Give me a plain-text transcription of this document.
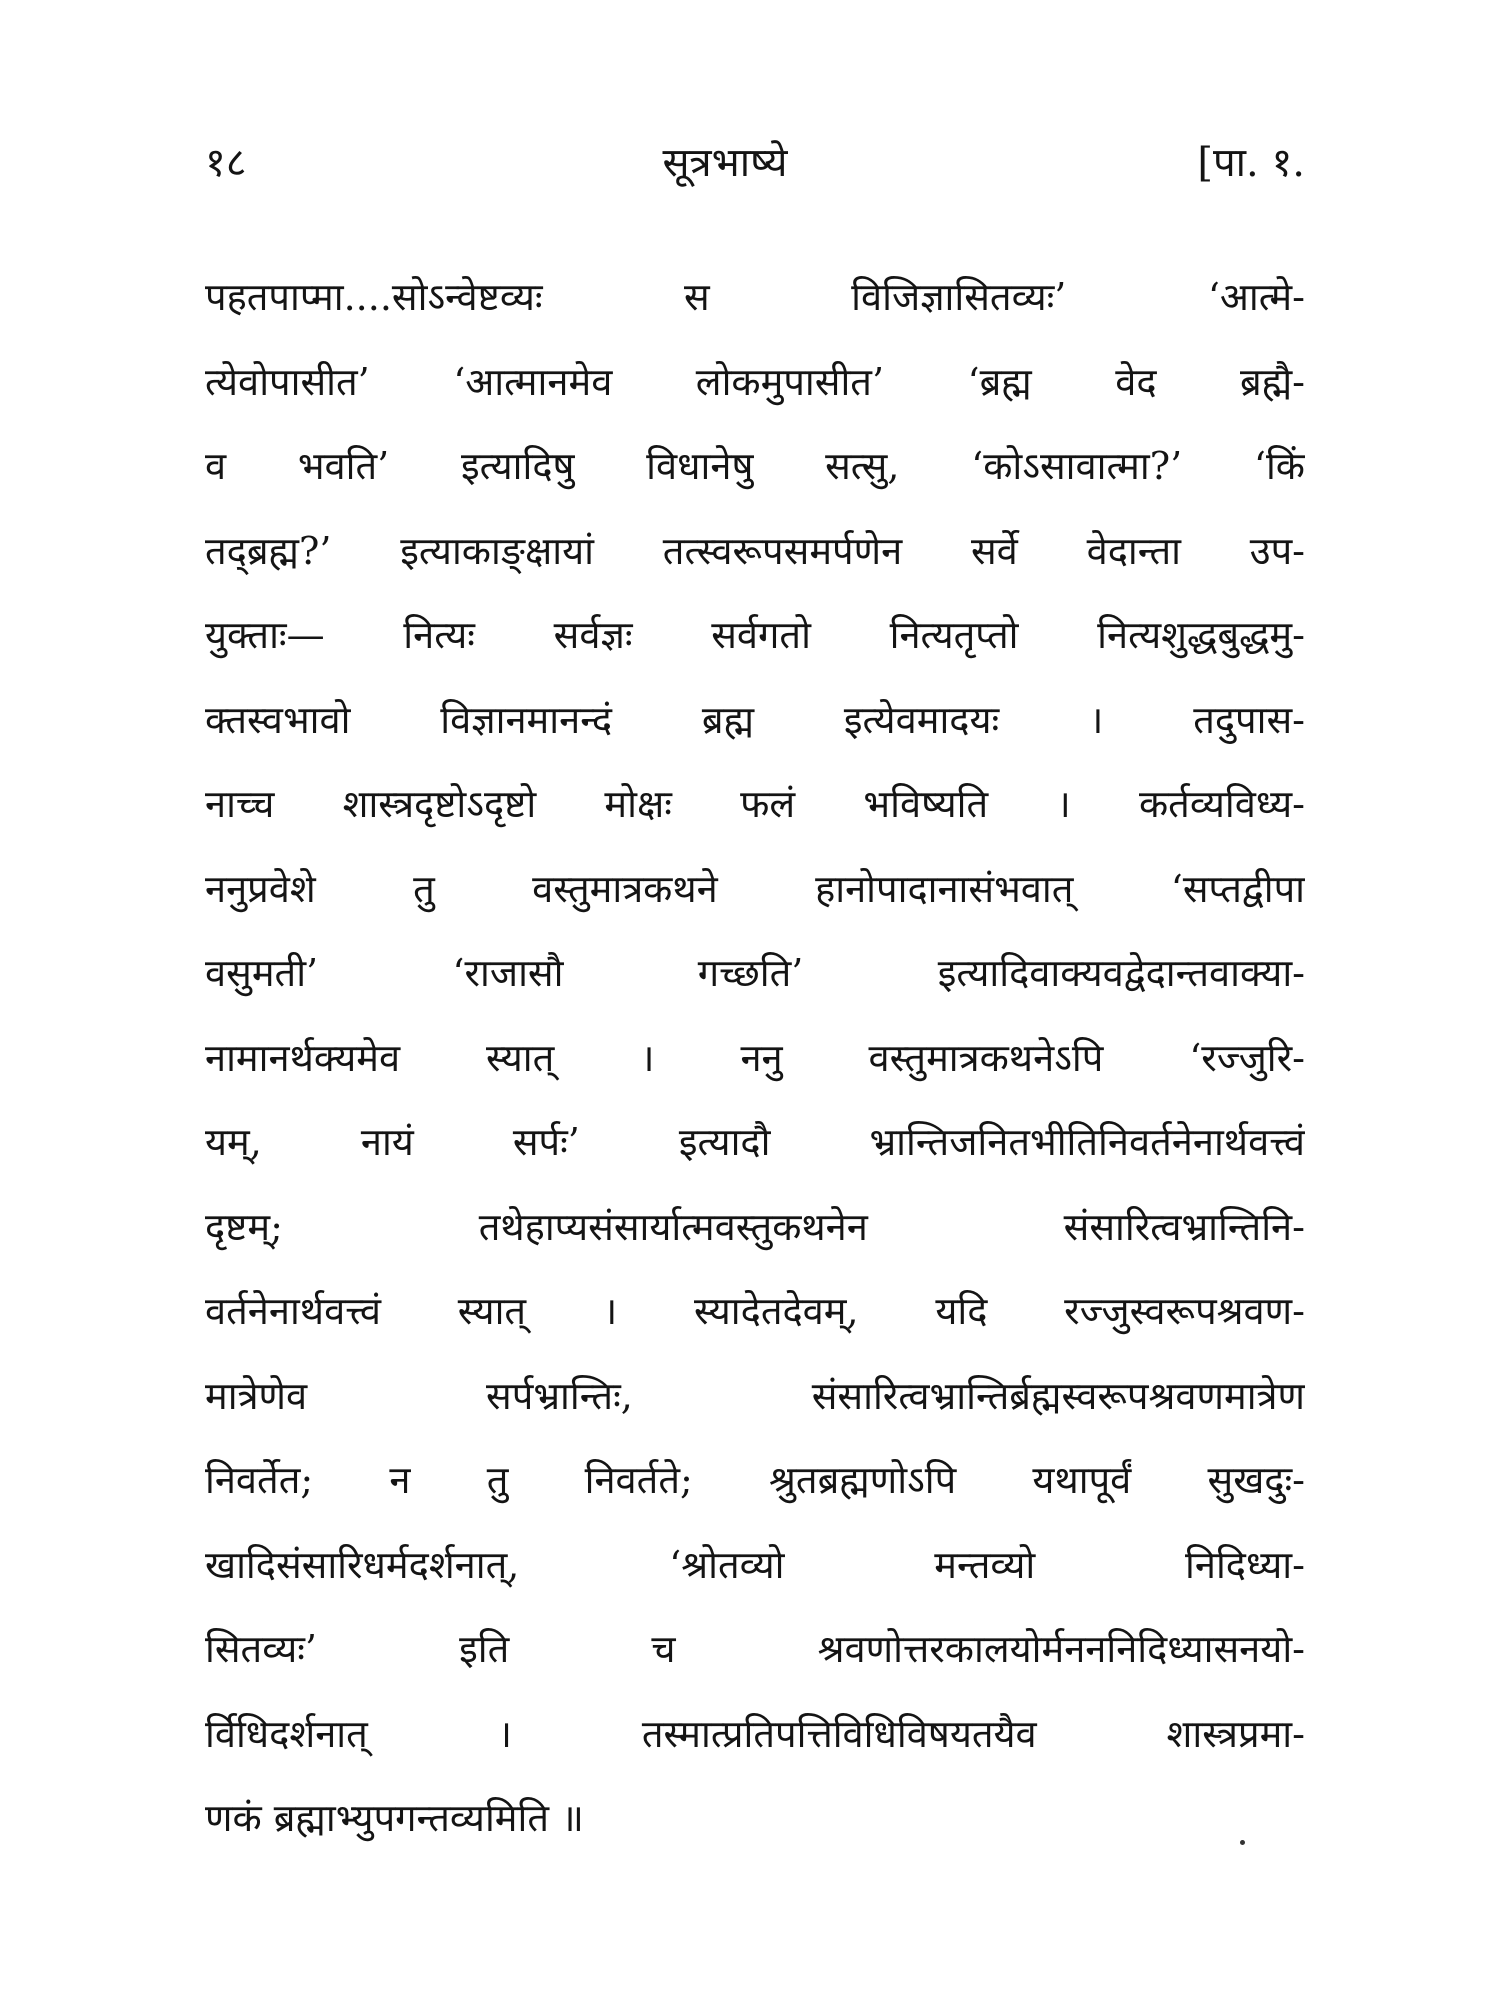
१८	सूत्रभाष्ये	[पा. १.
पहतपाप्मा....सोऽन्वेष्टव्यः स विजिज्ञासितव्यः’ ‘आत्मे-
त्येवोपासीत’ ‘आत्मानमेव लोकमुपासीत’ ‘ब्रह्म वेद ब्रह्मै-
व भवति’ इत्यादिषु विधानेषु सत्सु, ‘कोऽसावात्मा?’ ‘किं
तद्ब्रह्म?’ इत्याकाङ्क्षायां तत्स्वरूपसमर्पणेन सर्वे वेदान्ता उप-
युक्ताः— नित्यः सर्वज्ञः सर्वगतो नित्यतृप्तो नित्यशुद्धबुद्धमु-
क्तस्वभावो विज्ञानमानन्दं ब्रह्म इत्येवमादयः । तदुपास-
नाच्च शास्त्रदृष्टोऽदृष्टो मोक्षः फलं भविष्यति । कर्तव्यविध्य-
ननुप्रवेशे तु वस्तुमात्रकथने हानोपादानासंभवात् ‘सप्तद्वीपा
वसुमती’ ‘राजासौ गच्छति’ इत्यादिवाक्यवद्वेदान्तवाक्या-
नामानर्थक्यमेव स्यात् । ननु वस्तुमात्रकथनेऽपि ‘रज्जुरि-
यम्, नायं सर्पः’ इत्यादौ भ्रान्तिजनितभीतिनिवर्तनेनार्थवत्त्वं
दृष्टम्; तथेहाप्यसंसार्यात्मवस्तुकथनेन संसारित्वभ्रान्तिनि-
वर्तनेनार्थवत्त्वं स्यात् । स्यादेतदेवम्, यदि रज्जुस्वरूपश्रवण-
मात्रेणेव सर्पभ्रान्तिः, संसारित्वभ्रान्तिर्ब्रह्मस्वरूपश्रवणमात्रेण
निवर्तेत; न तु निवर्तते; श्रुतब्रह्मणोऽपि यथापूर्वं सुखदुः-
खादिसंसारिधर्मदर्शनात्, ‘श्रोतव्यो मन्तव्यो निदिध्या-
सितव्यः’ इति च श्रवणोत्तरकालयोर्मनननिदिध्यासनयो-
र्विधिदर्शनात् । तस्मात्प्रतिपत्तिविधिविषयतयैव शास्त्रप्रमा-
णकं ब्रह्माभ्युपगन्तव्यमिति ॥
